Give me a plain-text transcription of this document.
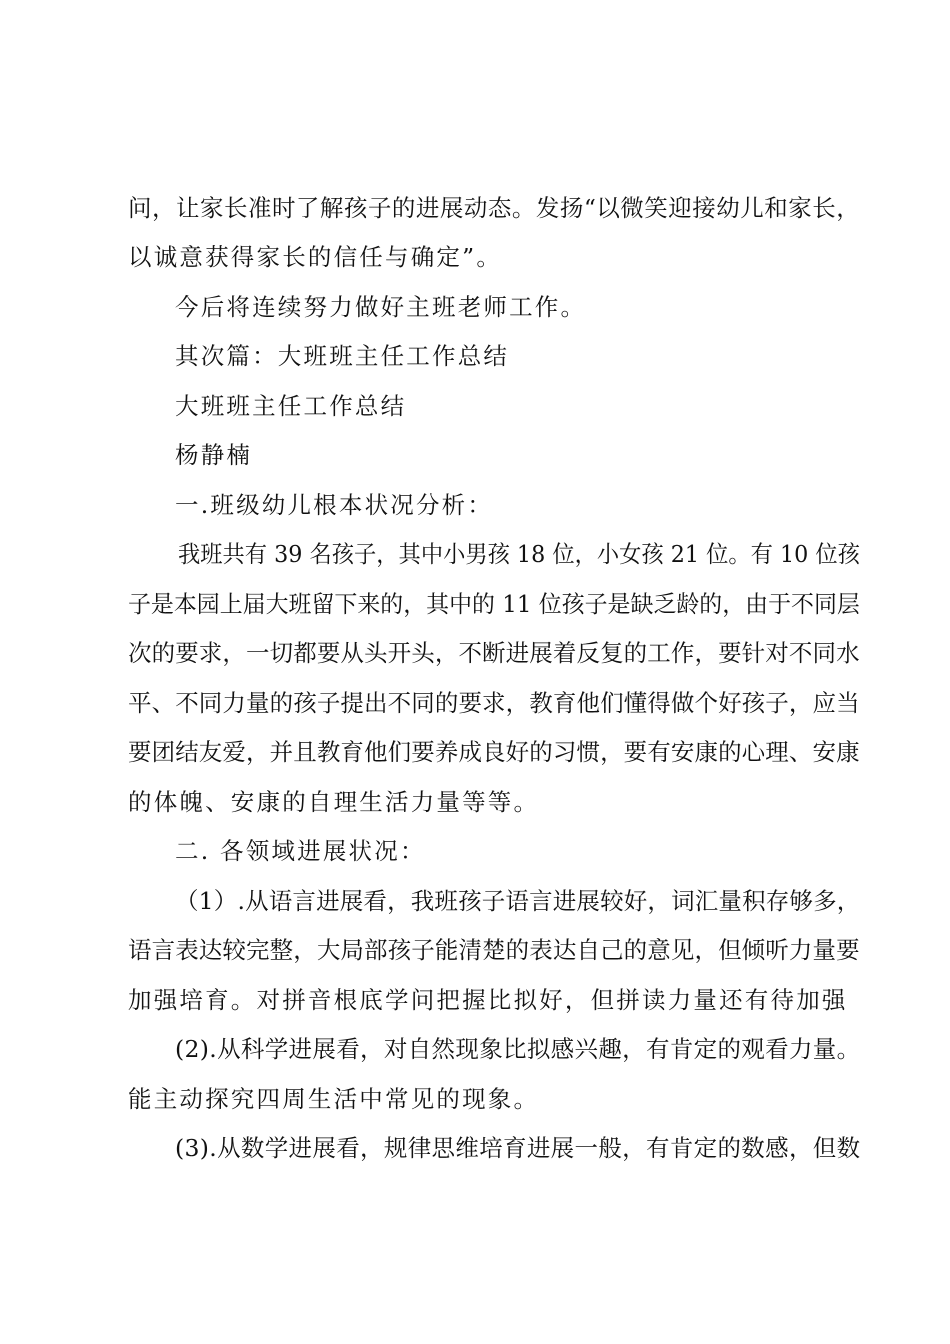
问，让家长准时了解孩子的进展动态。发扬“以微笑迎接幼儿和家长，
以诚意获得家长的信任与确定”。
今后将连续努力做好主班老师工作。
其次篇：大班班主任工作总结
大班班主任工作总结
杨静楠
一.班级幼儿根本状况分析：
我班共有 39 名孩子，其中小男孩 18 位，小女孩 21 位。有 10 位孩
子是本园上届大班留下来的，其中的 11 位孩子是缺乏龄的，由于不同层
次的要求，一切都要从头开头，不断进展着反复的工作，要针对不同水
平、不同力量的孩子提出不同的要求，教育他们懂得做个好孩子，应当
要团结友爱，并且教育他们要养成良好的习惯，要有安康的心理、安康
的体魄、安康的自理生活力量等等。
二. 各领域进展状况：
（1）.从语言进展看，我班孩子语言进展较好，词汇量积存够多，
语言表达较完整，大局部孩子能清楚的表达自己的意见，但倾听力量要
加强培育。对拼音根底学问把握比拟好，但拼读力量还有待加强
(2).从科学进展看，对自然现象比拟感兴趣，有肯定的观看力量。
能主动探究四周生活中常见的现象。
(3).从数学进展看，规律思维培育进展一般，有肯定的数感，但数
